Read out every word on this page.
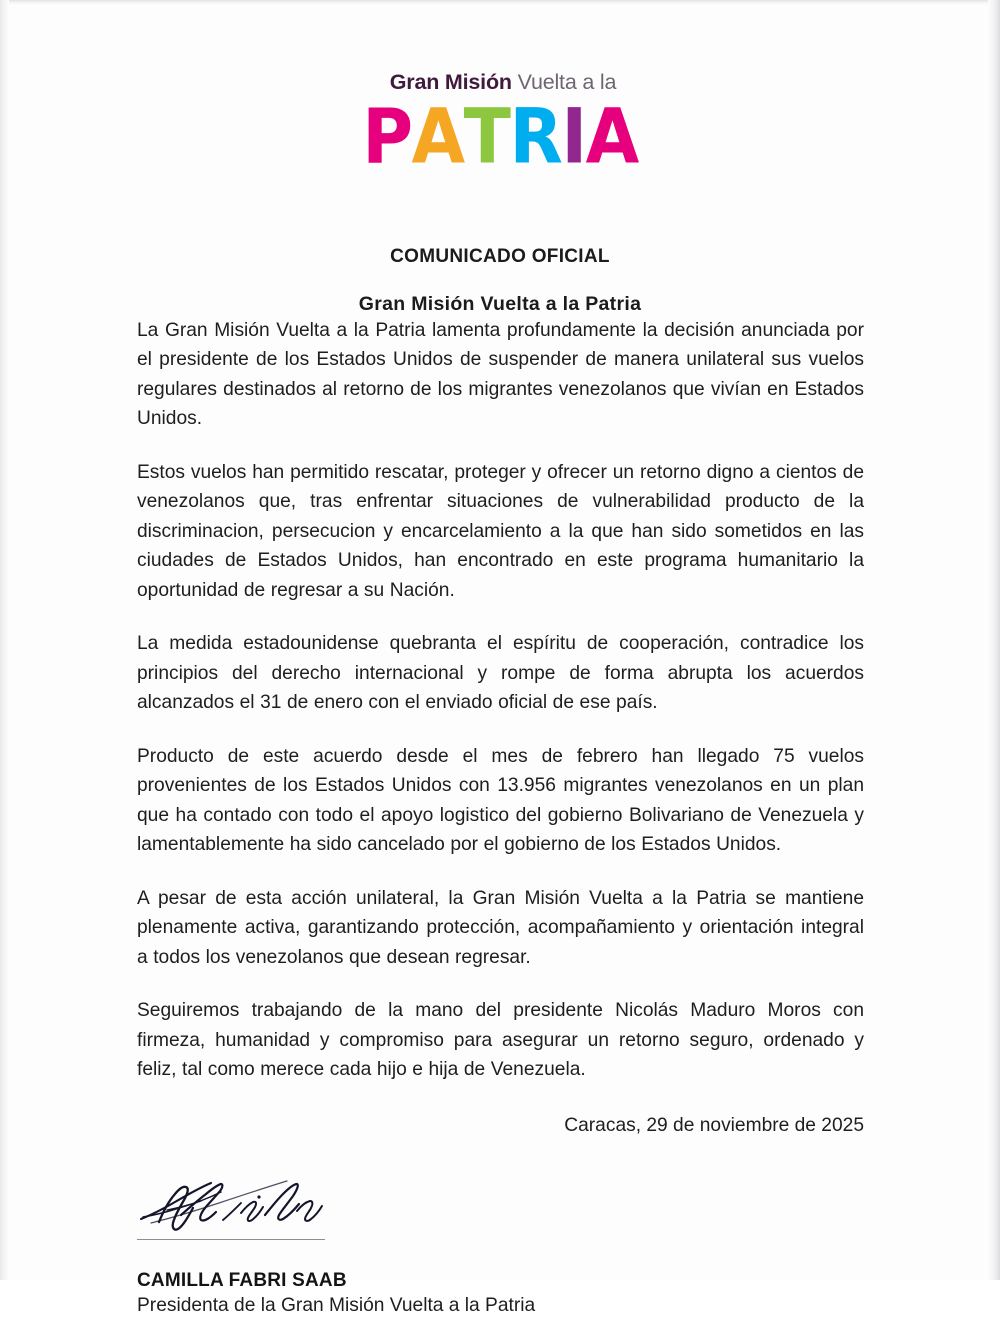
Gran Misión Vuelta a la
PATRIA
COMUNICADO OFICIAL
Gran Misión Vuelta a la Patria

La Gran Misión Vuelta a la Patria lamenta profundamente la decisión anunciada por el presidente de los Estados Unidos de suspender de manera unilateral sus vuelos regulares destinados al retorno de los migrantes venezolanos que vivían en Estados Unidos.

Estos vuelos han permitido rescatar, proteger y ofrecer un retorno digno a cientos de venezolanos que, tras enfrentar situaciones de vulnerabilidad producto de la discriminacion, persecucion y encarcelamiento a la que han sido sometidos en las ciudades de Estados Unidos, han encontrado en este programa humanitario la oportunidad de regresar a su Nación.

La medida estadounidense quebranta el espíritu de cooperación, contradice los principios del derecho internacional y rompe de forma abrupta los acuerdos alcanzados el 31 de enero con el enviado oficial de ese país.

Producto de este acuerdo desde el mes de febrero han llegado 75 vuelos provenientes de los Estados Unidos con 13.956 migrantes venezolanos en un plan que ha contado con todo el apoyo logistico del gobierno Bolivariano de Venezuela y lamentablemente ha sido cancelado por el gobierno de los Estados Unidos.

A pesar de esta acción unilateral, la Gran Misión Vuelta a la Patria se mantiene plenamente activa, garantizando protección, acompañamiento y orientación integral a todos los venezolanos que desean regresar.

Seguiremos trabajando de la mano del presidente Nicolás Maduro Moros con firmeza, humanidad y compromiso para asegurar un retorno seguro, ordenado y feliz, tal como merece cada hijo e hija de Venezuela.

Caracas, 29 de noviembre de 2025
CAMILLA FABRI SAAB
Presidenta de la Gran Misión Vuelta a la Patria
